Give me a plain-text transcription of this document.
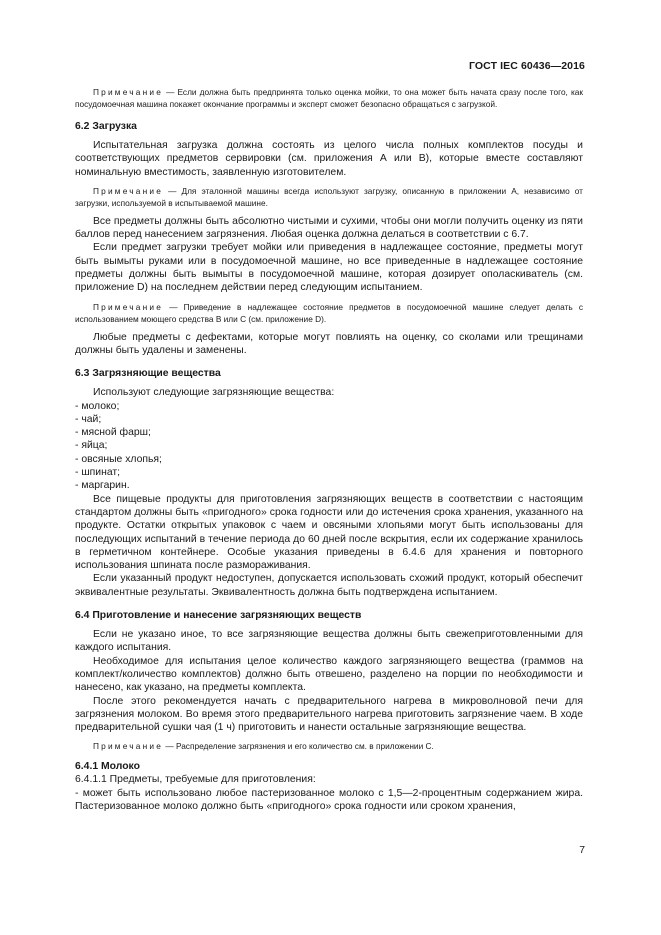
ГОСТ IEC 60436—2016

Примечание — Если должна быть предпринята только оценка мойки, то она может быть начата сразу после того, как посудомоечная машина покажет окончание программы и эксперт сможет безопасно обращаться с загрузкой.

6.2 Загрузка

Испытательная загрузка должна состоять из целого числа полных комплектов посуды и соответствующих предметов сервировки (см. приложения А или В), которые вместе составляют номинальную вместимость, заявленную изготовителем.

Примечание — Для эталонной машины всегда используют загрузку, описанную в приложении А, независимо от загрузки, используемой в испытываемой машине.

Все предметы должны быть абсолютно чистыми и сухими, чтобы они могли получить оценку из пяти баллов перед нанесением загрязнения. Любая оценка должна делаться в соответствии с 6.7.

Если предмет загрузки требует мойки или приведения в надлежащее состояние, предметы могут быть вымыты руками или в посудомоечной машине, но все приведенные в надлежащее состояние предметы должны быть вымыты в посудомоечной машине, которая дозирует ополаскиватель (см. приложение D) на последнем действии перед следующим испытанием.

Примечание — Приведение в надлежащее состояние предметов в посудомоечной машине следует делать с использованием моющего средства В или С (см. приложение D).

Любые предметы с дефектами, которые могут повлиять на оценку, со сколами или трещинами должны быть удалены и заменены.

6.3 Загрязняющие вещества

Используют следующие загрязняющие вещества:

- молоко;

- чай;

- мясной фарш;

- яйца;

- овсяные хлопья;

- шпинат;

- маргарин.

Все пищевые продукты для приготовления загрязняющих веществ в соответствии с настоящим стандартом должны быть «пригодного» срока годности или до истечения срока хранения, указанного на продукте. Остатки открытых упаковок с чаем и овсяными хлопьями могут быть использованы для последующих испытаний в течение периода до 60 дней после вскрытия, если их содержание хранилось в герметичном контейнере. Особые указания приведены в 6.4.6 для хранения и повторного использования шпината после размораживания.

Если указанный продукт недоступен, допускается использовать схожий продукт, который обеспечит эквивалентные результаты. Эквивалентность должна быть подтверждена испытанием.

6.4 Приготовление и нанесение загрязняющих веществ

Если не указано иное, то все загрязняющие вещества должны быть свежеприготовленными для каждого испытания.

Необходимое для испытания целое количество каждого загрязняющего вещества (граммов на комплект/количество комплектов) должно быть отвешено, разделено на порции по необходимости и нанесено, как указано, на предметы комплекта.

После этого рекомендуется начать с предварительного нагрева в микроволновой печи для загрязнения молоком. Во время этого предварительного нагрева приготовить загрязнение чаем. В ходе предварительной сушки чая (1 ч) приготовить и нанести остальные загрязняющие вещества.

Примечание — Распределение загрязнения и его количество см. в приложении С.

6.4.1 Молоко

6.4.1.1 Предметы, требуемые для приготовления:

- может быть использовано любое пастеризованное молоко с 1,5—2-процентным содержанием жира. Пастеризованное молоко должно быть «пригодного» срока годности или сроком хранения,

7
